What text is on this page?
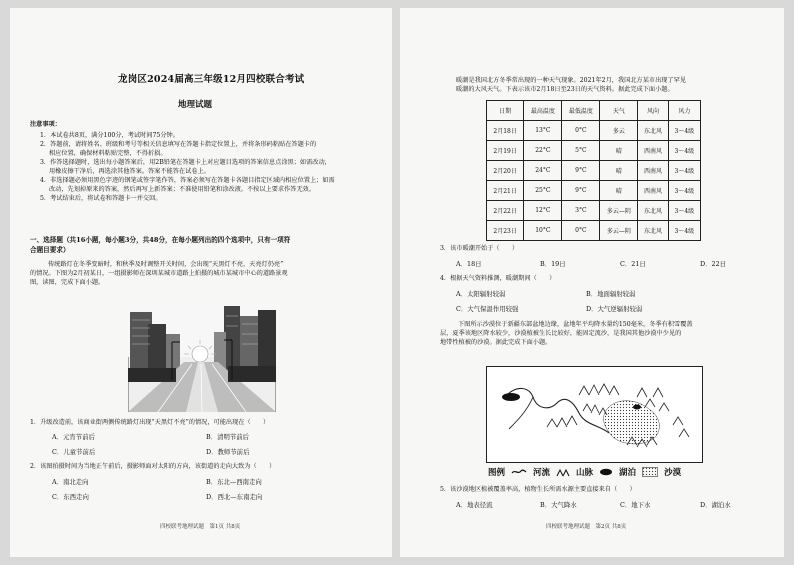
龙岗区2024届高三年级12月四校联合考试
地理试题
注意事项：
1．本试卷共8页，满分100分，考试时间75分钟。
2．答题前，请将姓名、班级和考号等相关信息填写在答题卡指定位置上，并将条形码粘贴在答题卡的
相应位置，确保材料粘贴完整，不得折损。
3．作答选择题时，选出每小题答案后，用2B铅笔在答题卡上对应题目选项的答案信息点涂黑；如需改动，
用橡皮擦干净后，再选涂其他答案。答案不能答在试卷上。
4．非选择题必须用黑色字迹的钢笔或签字笔作答，答案必须写在答题卡各题目指定区域内相应位置上；如需
改动，先划掉原来的答案，然后再写上新答案；不准使用铅笔和涂改液。不按以上要求作答无效。
5．考试结束后，将试卷和答题卡一并交回。
一、选择题（共16小题，每小题3分，共48分，在每小题列出的四个选项中，只有一项符
合题目要求）
传统路灯在冬季变暗时，和秋季及时调整开关时间，会出现“天黑灯不亮，天亮灯仍亮”
的情况。下图为2月初某日，一组摄影师在深圳某城市道路上拍摄的城市某城市中心的道路景观
图，读图，完成下面小题。
1．升级改造前，该商业街两侧传统路灯出现“天黑灯不亮”的情况，可能出现在（　　）
A．元宵节前后	B．清明节前后
C．儿童节前后	D．教师节前后
2．该图拍摄时间为当地正午前后，摄影师面对太阳的方向，该街道的走向大致为（　　）
A．南北走向	B．东北—西南走向
C．东西走向	D．西北—东南走向
四校联考地理试题　第1页 共8页
暖潮是我国北方冬季常出现的一种天气现象。2021年2月，我国北方某市出现了罕见
暖潮的大风天气。下表示该市2月18日至23日的天气资料。据此完成下面小题。
日期	最高温度	最低温度	天气	风向	风力
2月18日	13°C	0°C	多云	东北风	3～4级
2月19日	22°C	5°C	晴	西南风	3～4级
2月20日	24°C	9°C	晴	西南风	3～4级
2月21日	25°C	9°C	晴	西南风	3～4级
2月22日	12°C	3°C	多云—阴	东北风	3～4级
2月23日	10°C	0°C	多云—阴	东北风	3～4级
3．该市暖潮开始于（　　）
A．18日	B．19日	C．21日	D．22日
4．根据天气资料推测，暖潮期间（　　）
A．太阳辐射较弱	B．地面辐射较弱
C．大气保温作用较强	D．大气逆辐射较弱
下图所示沙漠位于新疆东部盆地边缘，盆地年平均降水量约150毫米，冬季有积雪覆盖
层，夏季该地区降水较少，沙漠植被生长比较好，能固定流沙，是我国其他沙漠中少见的
地带性植被的沙漠。据此完成下面小题。
图例	河流	山脉	湖泊	沙漠
5．该沙漠地区植被覆盖率高，植物生长所需水源主要直接来自（　　）
A．地表径流	B．大气降水	C．地下水	D．湖泊水
四校联考地理试题　第2页 共8页
